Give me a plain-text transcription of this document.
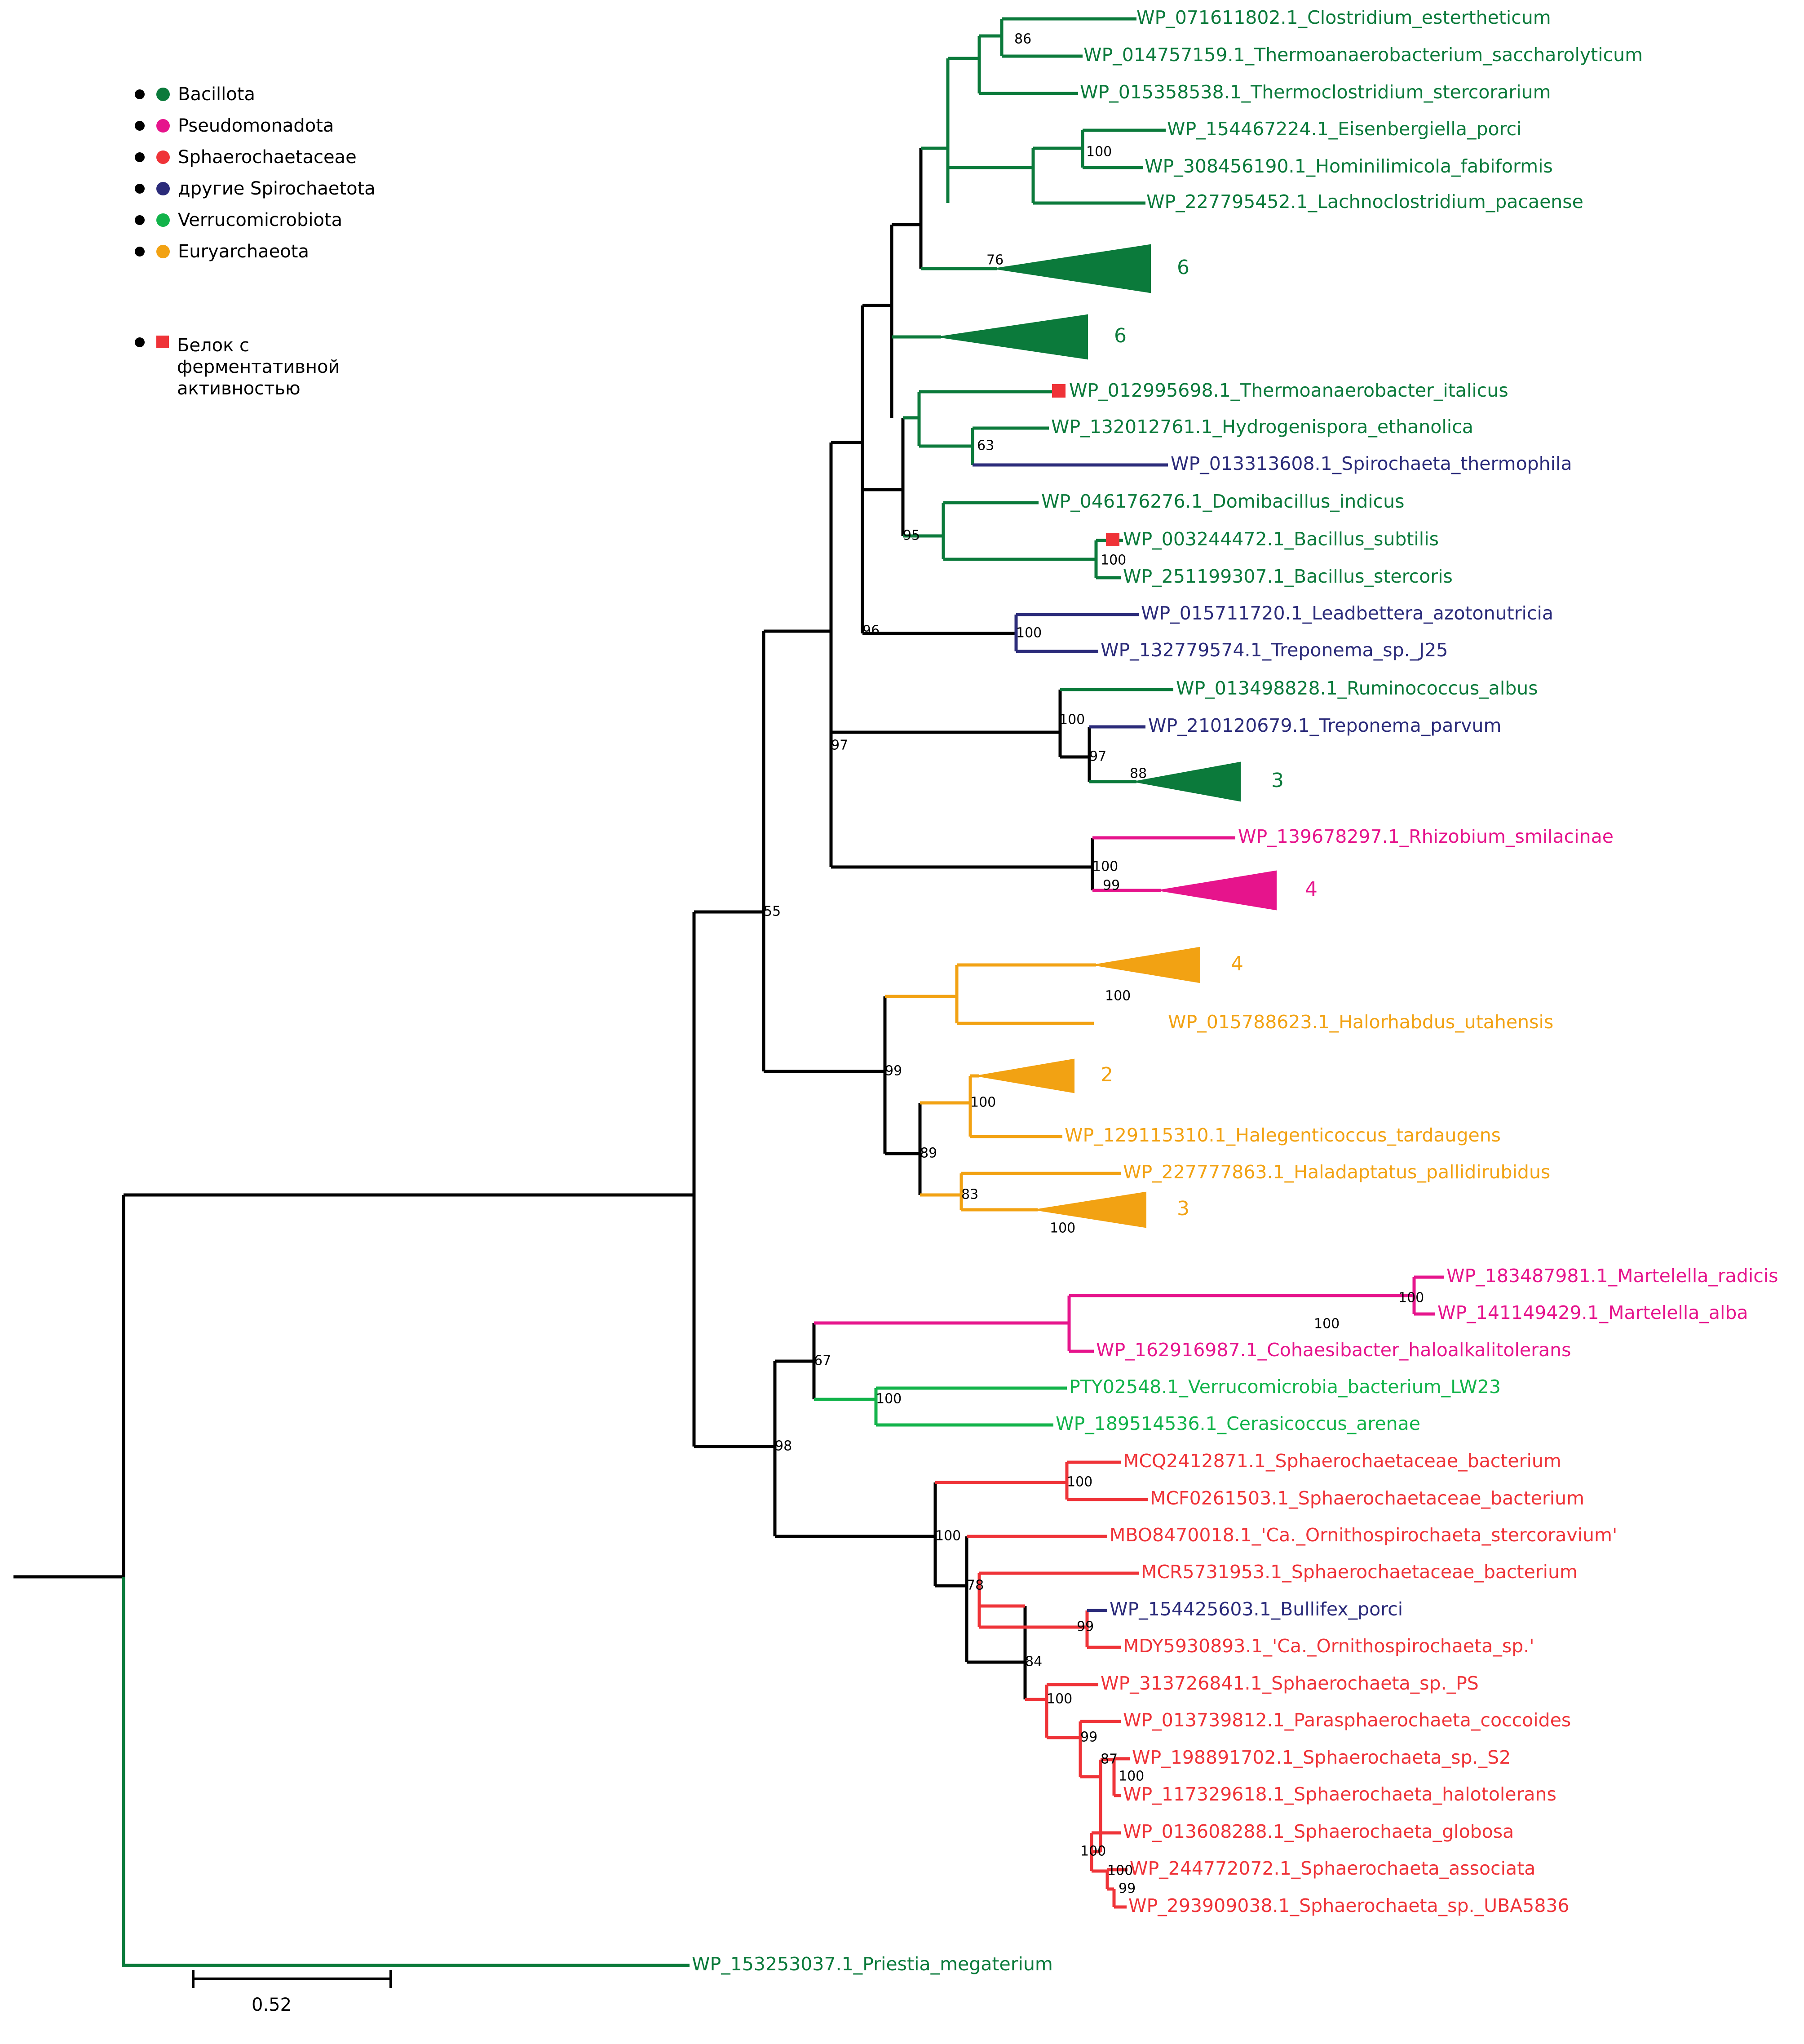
WP_071611802.1_Clostridium_estertheticum
WP_014757159.1_Thermoanaerobacterium_saccharolyticum
WP_015358538.1_Thermoclostridium_stercorarium
WP_154467224.1_Eisenbergiella_porci
WP_308456190.1_Hominilimicola_fabiformis
WP_227795452.1_Lachnoclostridium_pacaense
WP_012995698.1_Thermoanaerobacter_italicus
WP_132012761.1_Hydrogenispora_ethanolica
WP_013313608.1_Spirochaeta_thermophila
WP_046176276.1_Domibacillus_indicus
WP_003244472.1_Bacillus_subtilis
WP_251199307.1_Bacillus_stercoris
WP_015711720.1_Leadbettera_azotonutricia
WP_132779574.1_Treponema_sp._J25
WP_013498828.1_Ruminococcus_albus
WP_210120679.1_Treponema_parvum
WP_139678297.1_Rhizobium_smilacinae
WP_015788623.1_Halorhabdus_utahensis
WP_129115310.1_Halegenticoccus_tardaugens
WP_227777863.1_Haladaptatus_pallidirubidus
WP_183487981.1_Martelella_radicis
WP_141149429.1_Martelella_alba
WP_162916987.1_Cohaesibacter_haloalkalitolerans
PTY02548.1_Verrucomicrobia_bacterium_LW23
WP_189514536.1_Cerasicoccus_arenae
MCQ2412871.1_Sphaerochaetaceae_bacterium
MCF0261503.1_Sphaerochaetaceae_bacterium
MBO8470018.1_'Ca._Ornithospirochaeta_stercoravium'
MCR5731953.1_Sphaerochaetaceae_bacterium
WP_154425603.1_Bullifex_porci
MDY5930893.1_'Ca._Ornithospirochaeta_sp.'
WP_313726841.1_Sphaerochaeta_sp._PS
WP_013739812.1_Parasphaerochaeta_coccoides
WP_198891702.1_Sphaerochaeta_sp._S2
WP_117329618.1_Sphaerochaeta_halotolerans
WP_013608288.1_Sphaerochaeta_globosa
WP_244772072.1_Sphaerochaeta_associata
WP_293909038.1_Sphaerochaeta_sp._UBA5836
WP_153253037.1_Priestia_megaterium
86
100
76
63
95
100
100
96
100
97
88
97
100
99
100
55
100
99
89
83
100
100
100
67
100
98
100
100
78
99
84
100
99
87
100
100
100
99
6
6
3
4
4
2
3
Bacillota
Pseudomonadota
Sphaerochaetaceae
другие Spirochaetota
Verrucomicrobiota
Euryarchaeota
Белок с
ферментативной
активностью
0.52
